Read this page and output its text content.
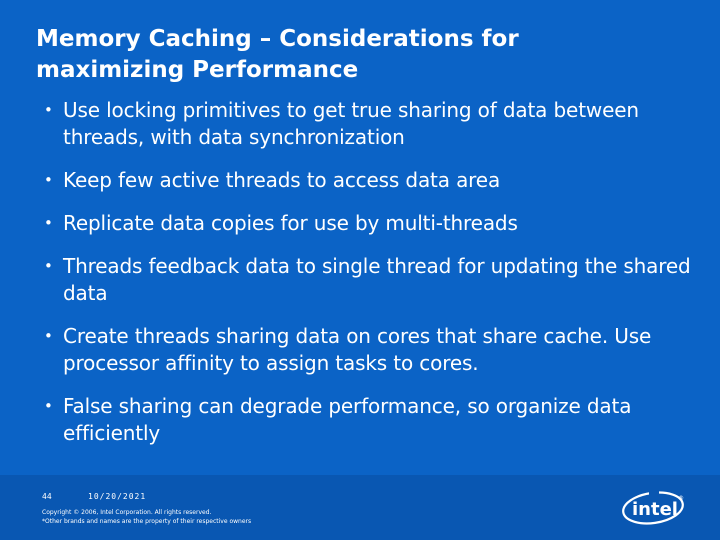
Memory Caching – Considerations for
maximizing Performance
• Use locking primitives to get true sharing of data between threads, with data synchronization
• Keep few active threads to access data area
• Replicate data copies for use by multi-threads
• Threads feedback data to single thread for updating the shared data
• Create threads sharing data on cores that share cache. Use processor affinity to assign tasks to cores.
• False sharing can degrade performance, so organize data efficiently
44	10/20/2021
Copyright © 2006, Intel Corporation. All rights reserved.
*Other brands and names are the property of their respective owners
intel
®
